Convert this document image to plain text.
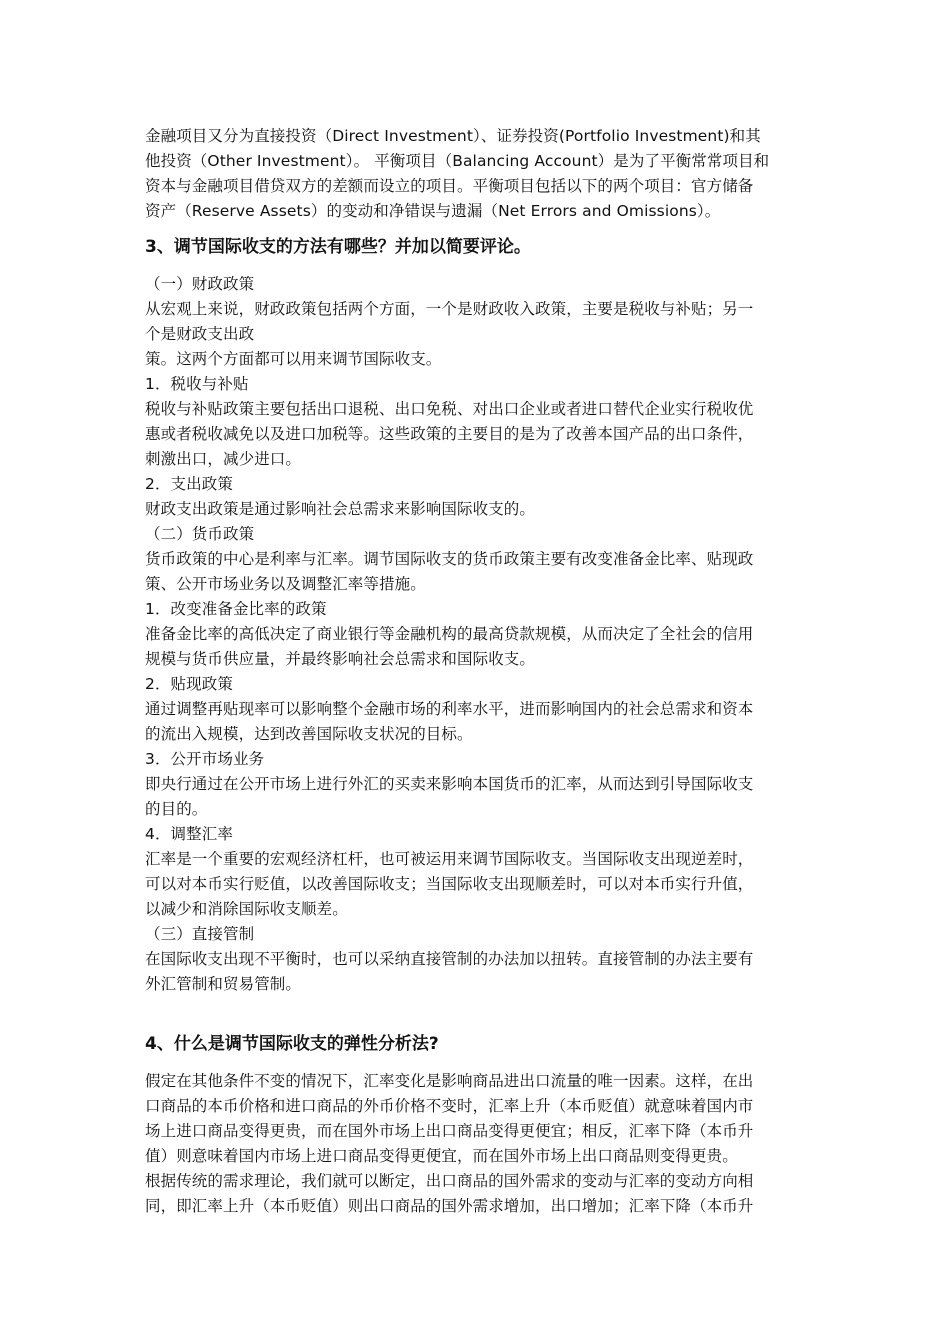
金融项目又分为直接投资（Direct Investment）、证券投资(Portfolio Investment)和其

他投资（Other Investment）。 平衡项目（Balancing Account）是为了平衡常常项目和

资本与金融项目借贷双方的差额而设立的项目。平衡项目包括以下的两个项目：官方储备

资产（Reserve Assets）的变动和净错误与遗漏（Net Errors and Omissions）。

3、调节国际收支的方法有哪些？并加以简要评论。

（一）财政政策

从宏观上来说，财政政策包括两个方面，一个是财政收入政策，主要是税收与补贴；另一

个是财政支出政

策。这两个方面都可以用来调节国际收支。

1．税收与补贴

税收与补贴政策主要包括出口退税、出口免税、对出口企业或者进口替代企业实行税收优

惠或者税收减免以及进口加税等。这些政策的主要目的是为了改善本国产品的出口条件，

刺激出口，减少进口。

2．支出政策

财政支出政策是通过影响社会总需求来影响国际收支的。

（二）货币政策

货币政策的中心是利率与汇率。调节国际收支的货币政策主要有改变准备金比率、贴现政

策、公开市场业务以及调整汇率等措施。

1．改变准备金比率的政策

准备金比率的高低决定了商业银行等金融机构的最高贷款规模，从而决定了全社会的信用

规模与货币供应量，并最终影响社会总需求和国际收支。

2．贴现政策

通过调整再贴现率可以影响整个金融市场的利率水平，进而影响国内的社会总需求和资本

的流出入规模，达到改善国际收支状况的目标。

3．公开市场业务

即央行通过在公开市场上进行外汇的买卖来影响本国货币的汇率，从而达到引导国际收支

的目的。

4．调整汇率

汇率是一个重要的宏观经济杠杆，也可被运用来调节国际收支。当国际收支出现逆差时，

可以对本币实行贬值，以改善国际收支；当国际收支出现顺差时，可以对本币实行升值，

以减少和消除国际收支顺差。

（三）直接管制

在国际收支出现不平衡时，也可以采纳直接管制的办法加以扭转。直接管制的办法主要有

外汇管制和贸易管制。

4、什么是调节国际收支的弹性分析法?

假定在其他条件不变的情况下，汇率变化是影响商品进出口流量的唯一因素。这样，在出

口商品的本币价格和进口商品的外币价格不变时，汇率上升（本币贬值）就意味着国内市

场上进口商品变得更贵，而在国外市场上出口商品变得更便宜；相反，汇率下降（本币升

值）则意味着国内市场上进口商品变得更便宜，而在国外市场上出口商品则变得更贵。

根据传统的需求理论，我们就可以断定，出口商品的国外需求的变动与汇率的变动方向相

同，即汇率上升（本币贬值）则出口商品的国外需求增加，出口增加；汇率下降（本币升
